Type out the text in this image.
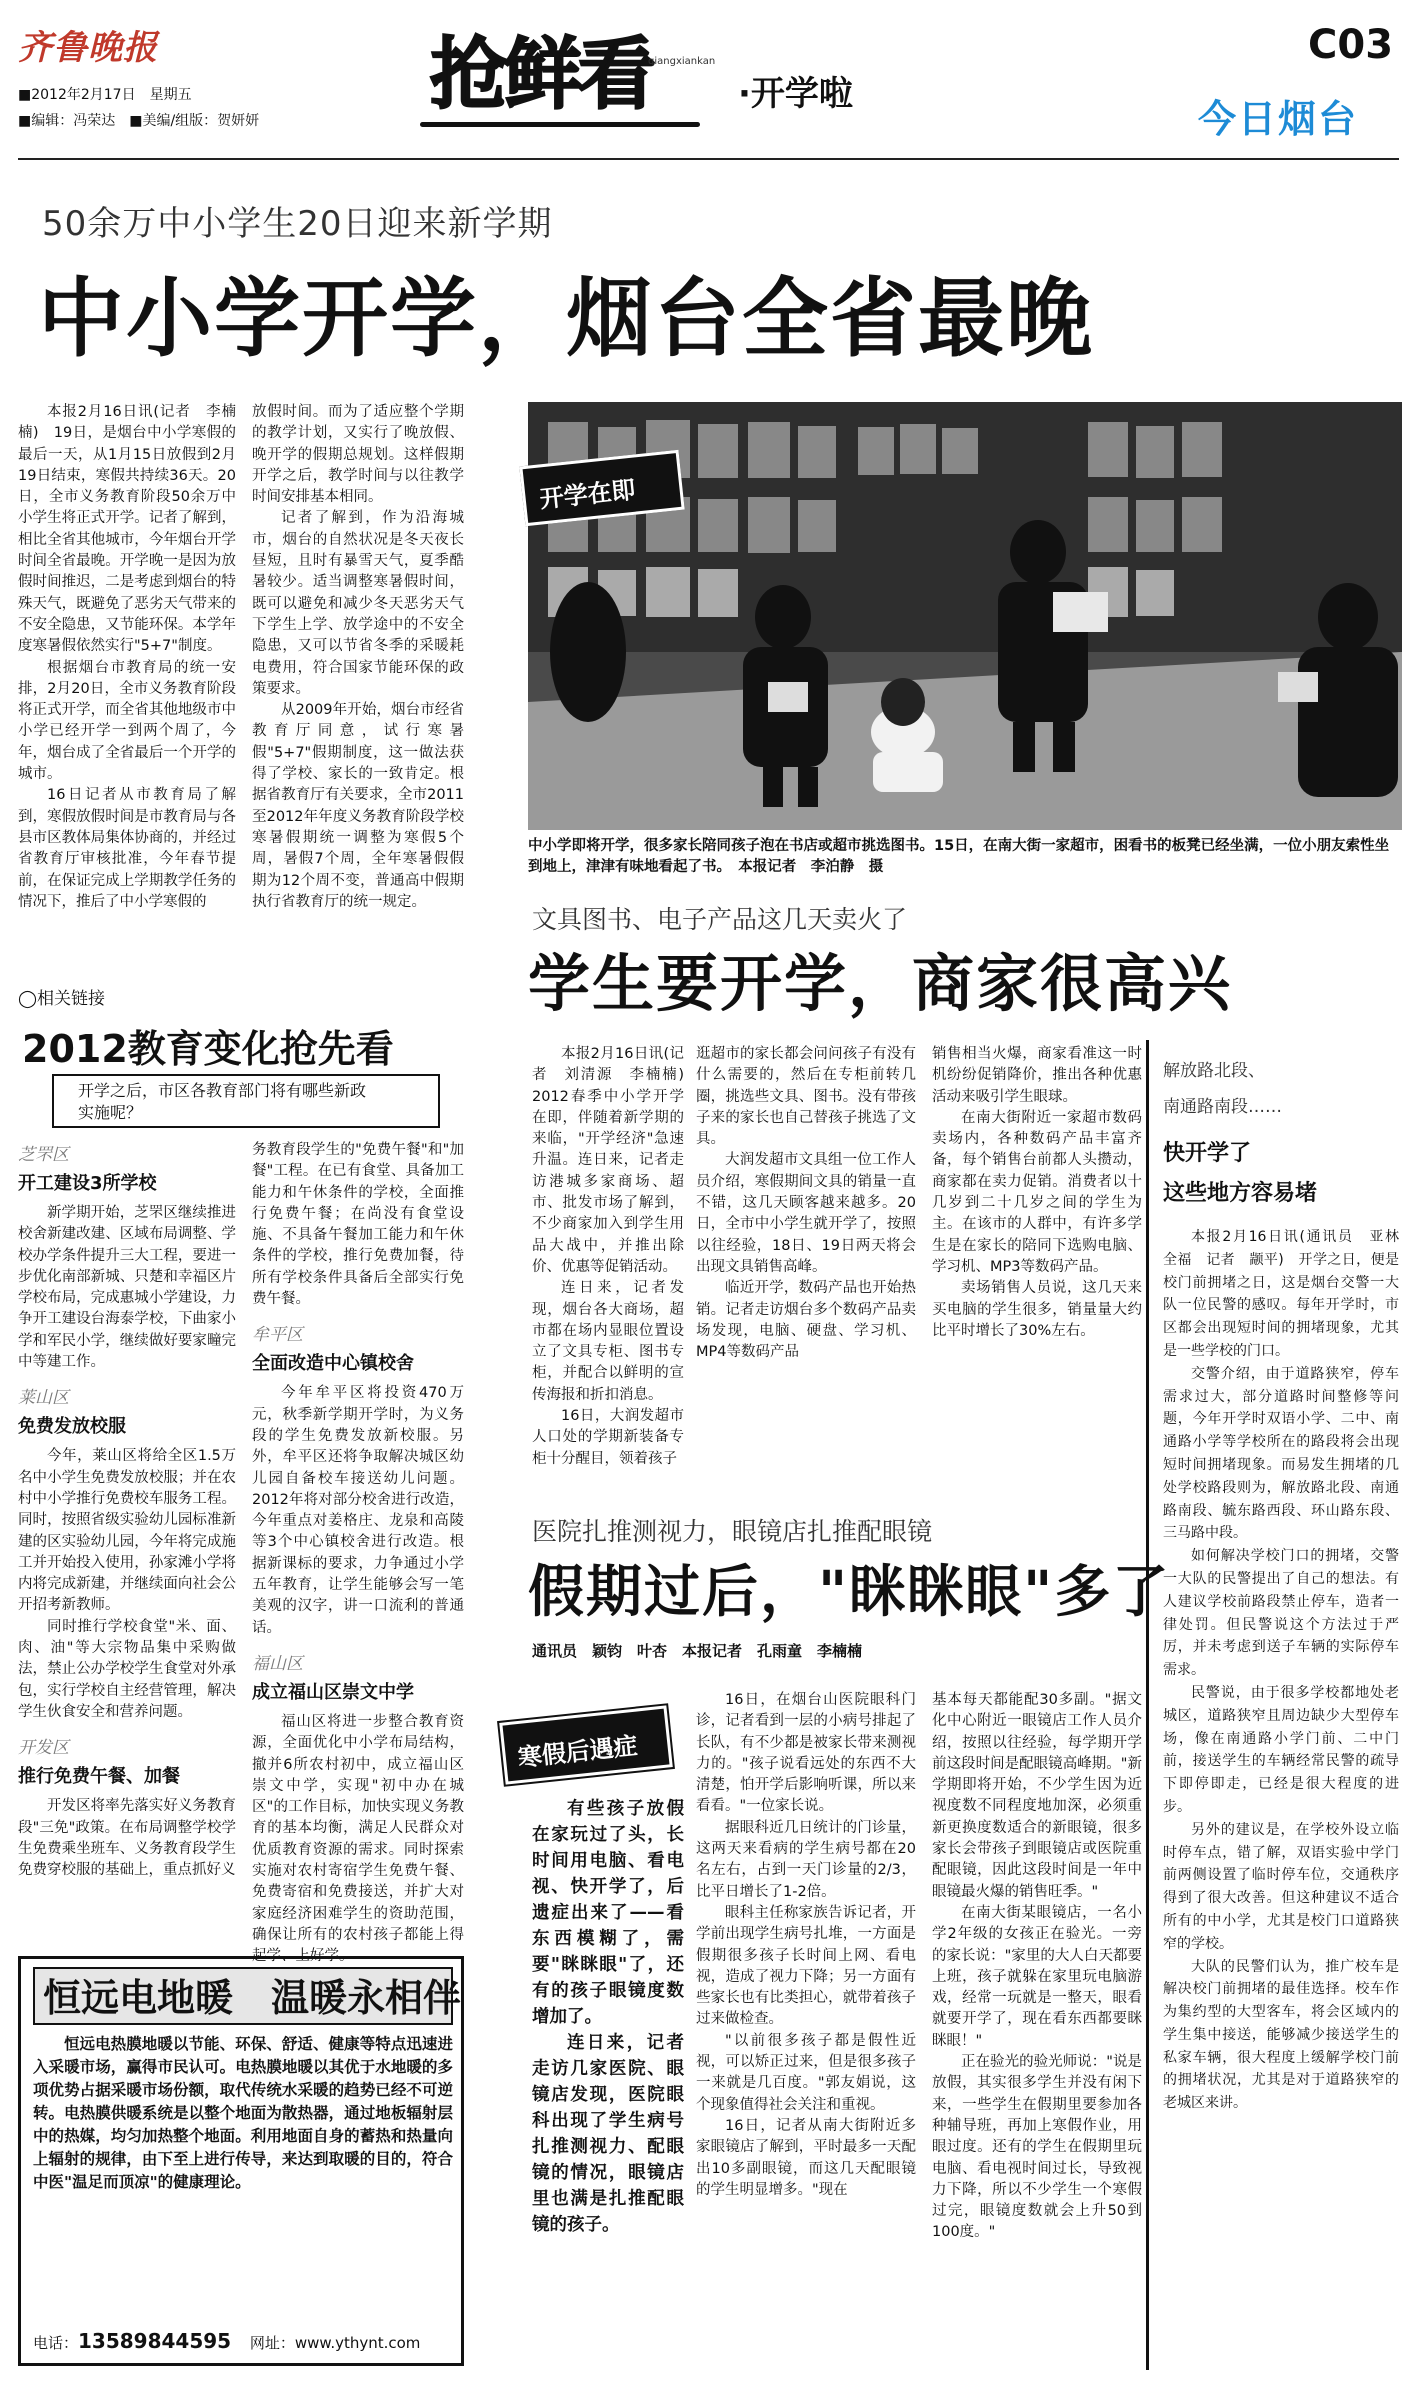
齐鲁晚报
■2012年2月17日　星期五
■编辑：冯荣达　■美编/组版：贺妍妍
抢鲜看
qiangxiankan
·开学啦
C03
今日烟台
50余万中小学生20日迎来新学期
中小学开学，烟台全省最晚

本报2月16日讯(记者　李楠楠)　19日，是烟台中小学寒假的最后一天，从1月15日放假到2月19日结束，寒假共持续36天。20日，全市义务教育阶段50余万中小学生将正式开学。记者了解到，相比全省其他城市，今年烟台开学时间全省最晚。开学晚一是因为放假时间推迟，二是考虑到烟台的特殊天气，既避免了恶劣天气带来的不安全隐患，又节能环保。本学年度寒暑假依然实行"5+7"制度。

根据烟台市教育局的统一安排，2月20日，全市义务教育阶段将正式开学，而全省其他地级市中小学已经开学一到两个周了，今年，烟台成了全省最后一个开学的城市。

16日记者从市教育局了解到，寒假放假时间是市教育局与各县市区教体局集体协商的，并经过省教育厅审核批准，今年春节提前，在保证完成上学期教学任务的情况下，推后了中小学寒假的

放假时间。而为了适应整个学期的教学计划，又实行了晚放假、晚开学的假期总规划。这样假期开学之后，教学时间与以往教学时间安排基本相同。

记者了解到，作为沿海城市，烟台的自然状况是冬天夜长昼短，且时有暴雪天气，夏季酷暑较少。适当调整寒暑假时间，既可以避免和减少冬天恶劣天气下学生上学、放学途中的不安全隐患，又可以节省冬季的采暖耗电费用，符合国家节能环保的政策要求。

从2009年开始，烟台市经省教育厅同意，试行寒暑假"5+7"假期制度，这一做法获得了学校、家长的一致肯定。根据省教育厅有关要求，全市2011至2012年年度义务教育阶段学校寒暑假期统一调整为寒假5个周，暑假7个周，全年寒暑假假期为12个周不变，普通高中假期执行省教育厅的统一规定。

开学在即
中小学即将开学，很多家长陪同孩子泡在书店或超市挑选图书。15日，在南大街一家超市，困看书的板凳已经坐满，一位小朋友索性坐到地上，津津有味地看起了书。　本报记者　李泊静　摄
◯相关链接
2012教育变化抢先看
开学之后，市区各教育部门将有哪些新政实施呢？

芝罘区

开工建设3所学校

新学期开始，芝罘区继续推进校舍新建改建、区域布局调整、学校办学条件提升三大工程，要进一步优化南部新城、只楚和幸福区片学校布局，完成惠城小学建设，力争开工建设台海泰学校，下曲家小学和军民小学，继续做好要家疃完中等建工作。

莱山区

免费发放校服

今年，莱山区将给全区1.5万名中小学生免费发放校服；并在农村中小学推行免费校车服务工程。同时，按照省级实验幼儿园标准新建的区实验幼儿园，今年将完成施工并开始投入使用，孙家滩小学将内将完成新建，并继续面向社会公开招考新教师。

同时推行学校食堂"米、面、肉、油"等大宗物品集中采购做法，禁止公办学校学生食堂对外承包，实行学校自主经营管理，解决学生伙食安全和营养问题。

开发区

推行免费午餐、加餐

开发区将率先落实好义务教育段"三免"政策。在布局调整学校学生免费乘坐班车、义务教育段学生免费穿校服的基础上，重点抓好义

务教育段学生的"免费午餐"和"加餐"工程。在已有食堂、具备加工能力和午休条件的学校，全面推行免费午餐；在尚没有食堂设施、不具备午餐加工能力和午休条件的学校，推行免费加餐，待所有学校条件具备后全部实行免费午餐。

牟平区

全面改造中心镇校舍

今年牟平区将投资470万元，秋季新学期开学时，为义务段的学生免费发放新校服。另外，牟平区还将争取解决城区幼儿园自备校车接送幼儿问题。2012年将对部分校舍进行改造，今年重点对姜格庄、龙泉和高陵等3个中心镇校舍进行改造。根据新课标的要求，力争通过小学五年教育，让学生能够会写一笔美观的汉字，讲一口流利的普通话。

福山区

成立福山区崇文中学

福山区将进一步整合教育资源，全面优化中小学布局结构，撤并6所农村初中，成立福山区崇文中学，实现"初中办在城区"的工作目标，加快实现义务教育的基本均衡，满足人民群众对优质教育资源的需求。同时探索实施对农村寄宿学生免费午餐、免费寄宿和免费接送，并扩大对家庭经济困难学生的资助范围，确保让所有的农村孩子都能上得起学、上好学。

恒远电地暖　温暖永相伴
恒远电热膜地暖以节能、环保、舒适、健康等特点迅速进入采暖市场，赢得市民认可。电热膜地暖以其优于水地暖的多项优势占据采暖市场份额，取代传统水采暖的趋势已经不可逆转。电热膜供暖系统是以整个地面为散热器，通过地板辐射层中的热媒，均匀加热整个地面。利用地面自身的蓄热和热量向上辐射的规律，由下至上进行传导，来达到取暖的目的，符合中医"温足而顶凉"的健康理论。
电话：13589844595 网址：www.ythynt.com
文具图书、电子产品这几天卖火了
学生要开学，商家很高兴

本报2月16日讯(记者　刘清源　李楠楠)　2012春季中小学开学在即，伴随着新学期的来临，"开学经济"急速升温。连日来，记者走访港城多家商场、超市、批发市场了解到，不少商家加入到学生用品大战中，并推出除价、优惠等促销活动。

连日来，记者发现，烟台各大商场，超市都在场内显眼位置设立了文具专柜、图书专柜，并配合以鲜明的宣传海报和折扣消息。

16日，大润发超市人口处的学期新装备专柜十分醒目，领着孩子

逛超市的家长都会问问孩子有没有什么需要的，然后在专柜前转几圈，挑选些文具、图书。没有带孩子来的家长也自己替孩子挑选了文具。

大润发超市文具组一位工作人员介绍，寒假期间文具的销量一直不错，这几天顾客越来越多。20日，全市中小学生就开学了，按照以往经验，18日、19日两天将会出现文具销售高峰。

临近开学，数码产品也开始热销。记者走访烟台多个数码产品卖场发现，电脑、硬盘、学习机、MP4等数码产品

销售相当火爆，商家看准这一时机纷纷促销降价，推出各种优惠活动来吸引学生眼球。

在南大街附近一家超市数码卖场内，各种数码产品丰富齐备，每个销售台前都人头攒动，商家都在卖力促销。消费者以十几岁到二十几岁之间的学生为主。在该市的人群中，有许多学生是在家长的陪同下选购电脑、学习机、MP3等数码产品。

卖场销售人员说，这几天来买电脑的学生很多，销量量大约比平时增长了30%左右。

解放路北段、
南通路南段……
快开学了
这些地方容易堵

本报2月16日讯(通讯员　亚林　全福　记者　颛平)　开学之日，便是校门前拥堵之日，这是烟台交警一大队一位民警的感叹。每年开学时，市区都会出现短时间的拥堵现象，尤其是一些学校的门口。

交警介绍，由于道路狭窄，停车需求过大，部分道路时间整修等问题，今年开学时双语小学、二中、南通路小学等学校所在的路段将会出现短时间拥堵现象。而易发生拥堵的几处学校路段则为，解放路北段、南通路南段、毓东路西段、环山路东段、三马路中段。

如何解决学校门口的拥堵，交警一大队的民警提出了自己的想法。有人建议学校前路段禁止停车，造者一律处罚。但民警说这个方法过于严厉，并未考虑到送子车辆的实际停车需求。

民警说，由于很多学校都地处老城区，道路狭窄且周边缺少大型停车场，像在南通路小学门前、二中门前，接送学生的车辆经常民警的疏导下即停即走，已经是很大程度的进步。

另外的建议是，在学校外设立临时停车点，错了解，双语实验中学门前两侧设置了临时停车位，交通秩序得到了很大改善。但这种建议不适合所有的中小学，尤其是校门口道路狭窄的学校。

大队的民警们认为，推广校车是解决校门前拥堵的最佳选择。校车作为集约型的大型客车，将会区域内的学生集中接送，能够减少接送学生的私家车辆，很大程度上缓解学校门前的拥堵状况，尤其是对于道路狭窄的老城区来讲。

医院扎推测视力，眼镜店扎推配眼镜
假期过后，"眯眯眼"多了
通讯员　颖钧　叶杏　本报记者　孔雨童　李楠楠
寒假后遇症

有些孩子放假在家玩过了头，长时间用电脑、看电视、快开学了，后遗症出来了——看东西模糊了，需要"眯眯眼"了，还有的孩子眼镜度数增加了。

连日来，记者走访几家医院、眼镜店发现，医院眼科出现了学生病号扎推测视力、配眼镜的情况，眼镜店里也满是扎推配眼镜的孩子。

16日，在烟台山医院眼科门诊，记者看到一层的小病号排起了长队，有不少都是被家长带来测视力的。"孩子说看远处的东西不大清楚，怕开学后影响听课，所以来看看。"一位家长说。

据眼科近几日统计的门诊量，这两天来看病的学生病号都在20名左右，占到一天门诊量的2/3，比平日增长了1-2倍。

眼科主任称家族告诉记者，开学前出现学生病号扎堆，一方面是假期很多孩子长时间上网、看电视，造成了视力下降；另一方面有些家长也有比类担心，就带着孩子过来做检查。

"以前很多孩子都是假性近视，可以矫正过来，但是很多孩子一来就是几百度。"郭友娟说，这个现象值得社会关注和重视。

16日，记者从南大街附近多家眼镜店了解到，平时最多一天配出10多副眼镜，而这几天配眼镜的学生明显增多。"现在

基本每天都能配30多副。"据文化中心附近一眼镜店工作人员介绍，按照以往经验，每学期开学前这段时间是配眼镜高峰期。"新学期即将开始，不少学生因为近视度数不同程度地加深，必须重新更换度数适合的新眼镜，很多家长会带孩子到眼镜店或医院重配眼镜，因此这段时间是一年中眼镜最火爆的销售旺季。"

在南大街某眼镜店，一名小学2年级的女孩正在验光。一旁的家长说："家里的大人白天都要上班，孩子就躲在家里玩电脑游戏，经常一玩就是一整天，眼看就要开学了，现在看东西都要眯眯眼！"

正在验光的验光师说："说是放假，其实很多学生并没有闲下来，一些学生在假期里要参加各种辅导班，再加上寒假作业，用眼过度。还有的学生在假期里玩电脑、看电视时间过长，导致视力下降，所以不少学生一个寒假过完，眼镜度数就会上升50到100度。"
